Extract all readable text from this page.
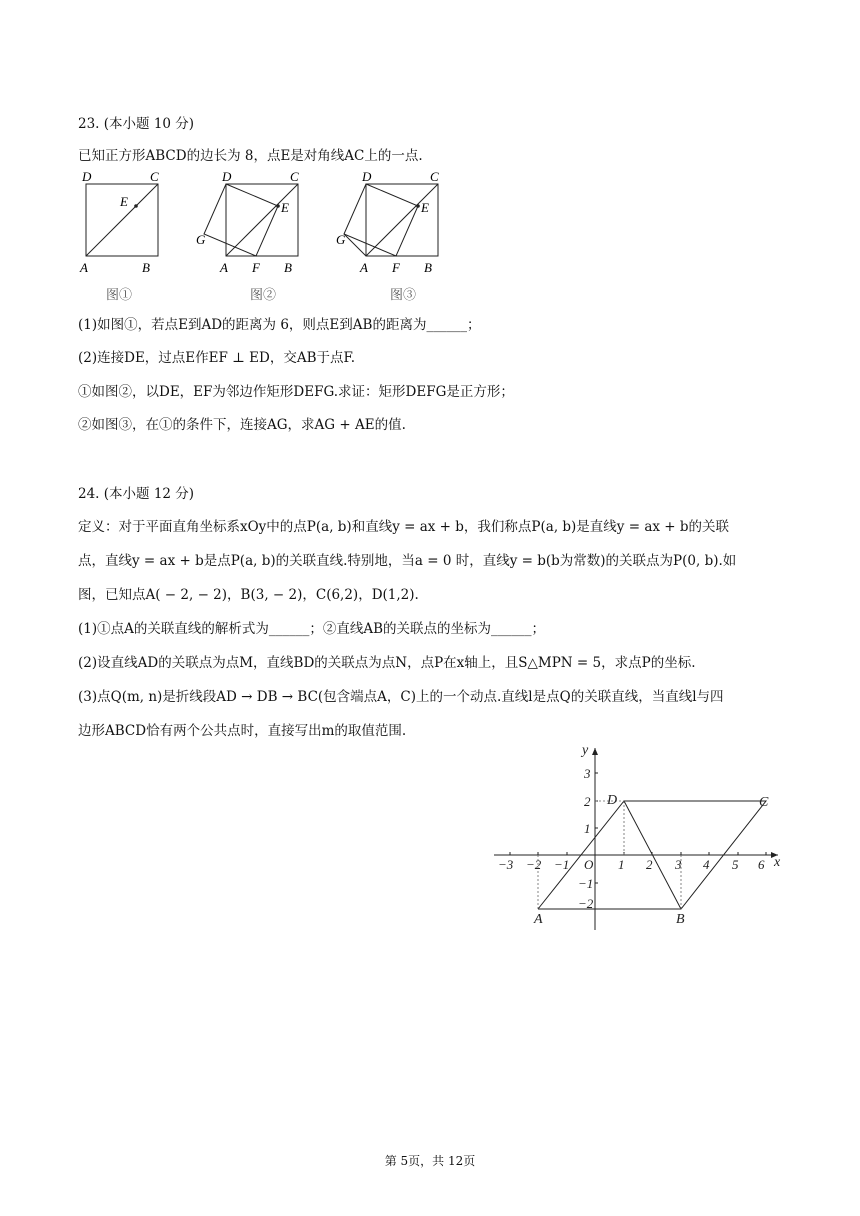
23. (本小题 10 分)
已知正方形ABCD的边长为 8，点E是对角线AC上的一点.
D	C
E
A	B
图①
D	C
E
G
A F B
图②
D	C
E
G
A F B
图③
(1)如图①，若点E到AD的距离为 6，则点E到AB的距离为______；
(2)连接DE，过点E作EF ⊥ ED，交AB于点F.
①如图②，以DE，EF为邻边作矩形DEFG.求证：矩形DEFG是正方形；
②如图③，在①的条件下，连接AG，求AG + AE的值.
24. (本小题 12 分)
定义：对于平面直角坐标系xOy中的点P(a, b)和直线y = ax + b，我们称点P(a, b)是直线y = ax + b的关联
点，直线y = ax + b是点P(a, b)的关联直线.特别地，当a = 0 时，直线y = b(b为常数)的关联点为P(0, b).如
图，已知点A( − 2, − 2)，B(3, − 2)，C(6,2)，D(1,2).
(1)①点A的关联直线的解析式为______；②直线AB的关联点的坐标为______；
(2)设直线AD的关联点为点M，直线BD的关联点为点N，点P在x轴上，且S△MPN = 5，求点P的坐标.
(3)点Q(m, n)是折线段AD → DB → BC(包含端点A，C)上的一个动点.直线l是点Q的关联直线，当直线l与四
边形ABCD恰有两个公共点时，直接写出m的取值范围.
−3 −2 −1 O 1 2 3 4 5 6
3
2
1
−1
−2
x
y
A	B
C
D
第 5页，共 12页
